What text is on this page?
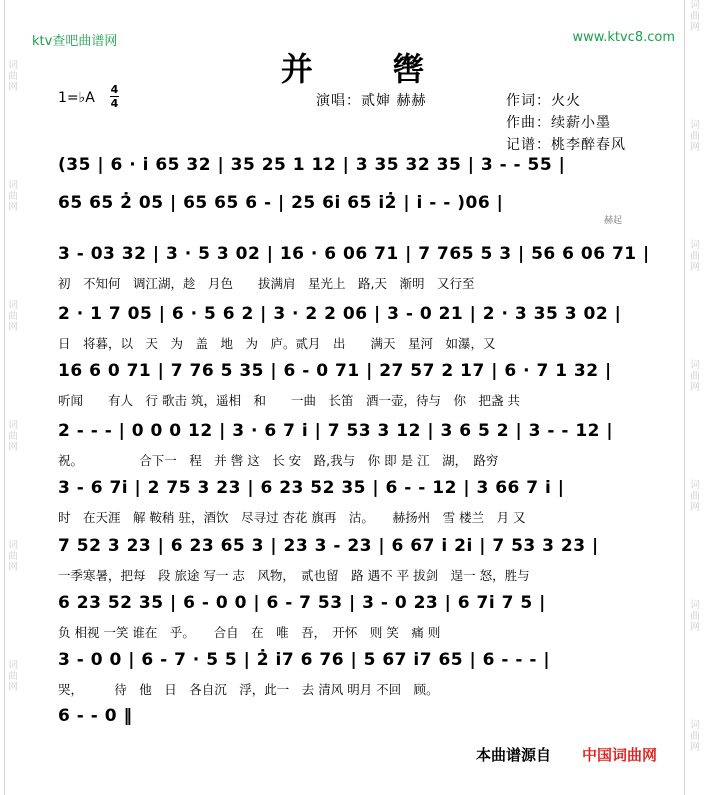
词曲网
词曲网
词曲网
词曲网
词曲网
词曲网
词曲网
词曲网
词曲网
词曲网
词曲网
词曲网
词曲网
ktv查吧曲谱网	www.ktvc8.com
并 辔
1=♭A
4
4	演唱：贰婶 赫赫	作词：火火
作曲：续薪小墨
记谱：桃李醉春风
(35 | 6 · i 65 32 | 35 25 1 12 | 3 35 32 35 | 3 - - 55 |
65 65 2̇ 05 | 65 65 6 - | 25 6i 65 i2̇ | i - - )06 |
赫起
3 - 03 32 | 3 · 5 3 02 | 16 · 6 06 71 | 7 765 5 3 | 56 6 06 71 |
初　不知何　调江湖，趁　月色　　拔满肩　星光上　路,天　渐明　又行至
2 · 1 7 05 | 6 · 5 6 2 | 3 · 2 2 06 | 3 - 0 21 | 2 · 3 35 3 02 |
日　将暮，以　天　为　盖　地　为　庐。贰月　出　　满天　星河　如瀑，又
16 6 0 71 | 7 76 5 35 | 6 - 0 71 | 27 57 2 17 | 6 · 7 1 32 |
听闻　　有人　行 歌击 筑，遥相　和　　一曲　长笛　酒一壶，待与　你　把盏 共
2 - - - | 0 0 0 12 | 3 · 6 7 i | 7 53 3 12 | 3 6 5 2 | 3 - - 12 |
祝。　　　　　合下一　程　并 辔 这　长 安　路,我与　你 即 是 江　湖，　路穷
3 - 6 7i | 2 75 3 23 | 6 23 52 35 | 6 - - 12 | 3 66 7 i |
时　在天涯　解 鞍稍 驻，酒饮　尽寻过 杏花 旗再　沽。　　赫扬州　雪 楼兰　月 又
7 52 3 23 | 6 23 65 3 | 23 3 - 23 | 6 67 i 2i | 7 53 3 23 |
一季寒暑，把每　段 旅途 写一 志　风物，　贰也留　路 遇不 平 拔剑　逞一 怒，胜与
6 23 52 35 | 6 - 0 0 | 6 - 7 53 | 3 - 0 23 | 6 7i 7 5 |
负 相视 一笑 谁在　乎。　　合自　在　唯　吾，　开怀　则 笑　痛 则
3 - 0 0 | 6 - 7 · 5 5 | 2̇ i7 6 76 | 5 67 i7 65 | 6 - - - |
哭，　　　待　他　日　各自沉　浮，此一　去 清风 明月 不回　顾。
6 - - 0 ‖
本曲谱源自 中国词曲网
